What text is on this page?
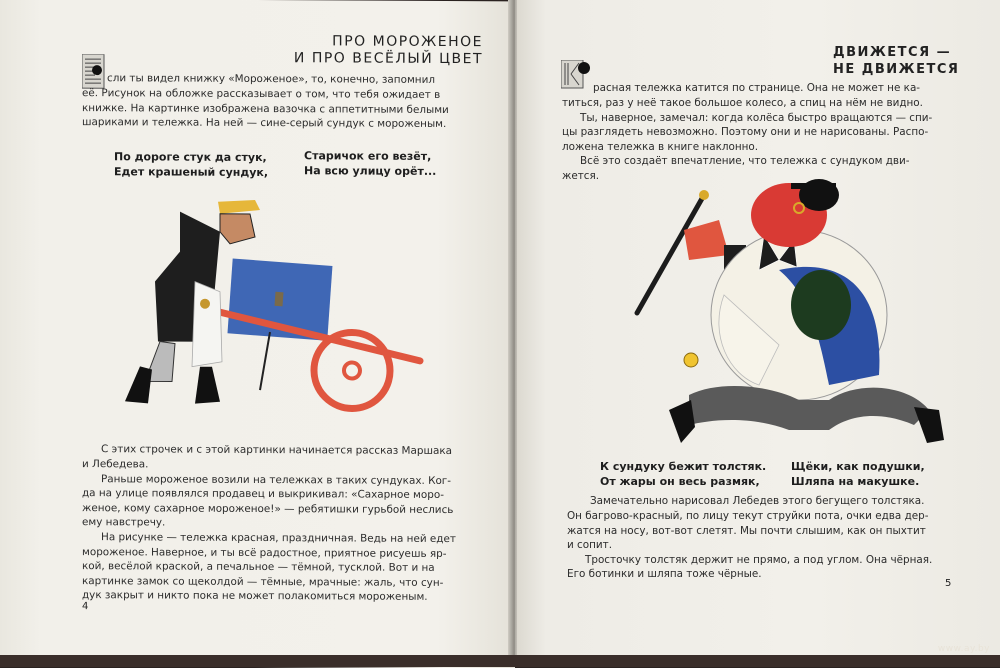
ПРО МОРОЖЕНОЕ
И ПРО ВЕСЁЛЫЙ ЦВЕТ
сли ты видел книжку «Мороженое», то, конечно, запомнил
её. Рисунок на обложке рассказывает о том, что тебя ожидает в
книжке. На картинке изображена вазочка с аппетитными белыми
шариками и тележка. На ней — сине-серый сундук с мороженым.
По дороге стук да стук,
Едет крашеный сундук,
Старичок его везёт,
На всю улицу орёт...
С этих строчек и с этой картинки начинается рассказ Маршака
и Лебедева.
Раньше мороженое возили на тележках в таких сундуках. Ког-
да на улице появлялся продавец и выкрикивал: «Сахарное моро-
женое, кому сахарное мороженое!» — ребятишки гурьбой неслись
ему навстречу.
На рисунке — тележка красная, праздничная. Ведь на ней едет
мороженое. Наверное, и ты всё радостное, приятное рисуешь яр-
кой, весёлой краской, а печальное — тёмной, тусклой. Вот и на
картинке замок со щеколдой — тёмные, мрачные: жаль, что сун-
дук закрыт и никто пока не может полакомиться мороженым.
4
ДВИЖЕТСЯ —
НЕ ДВИЖЕТСЯ
расная тележка катится по странице. Она не может не ка-
титься, раз у неё такое большое колесо, а спиц на нём не видно.
Ты, наверное, замечал: когда колёса быстро вращаются — спи-
цы разглядеть невозможно. Поэтому они и не нарисованы. Распо-
ложена тележка в книге наклонно.
Всё это создаёт впечатление, что тележка с сундуком дви-
жется.
К сундуку бежит толстяк.
От жары он весь размяк,
Щёки, как подушки,
Шляпа на макушке.
Замечательно нарисовал Лебедев этого бегущего толстяка.
Он багрово-красный, по лицу текут струйки пота, очки едва дер-
жатся на носу, вот-вот слетят. Мы почти слышим, как он пыхтит
и сопит.
Тросточку толстяк держит не прямо, а под углом. Она чёрная.
Его ботинки и шляпа тоже чёрные.
5
www.ay.by
